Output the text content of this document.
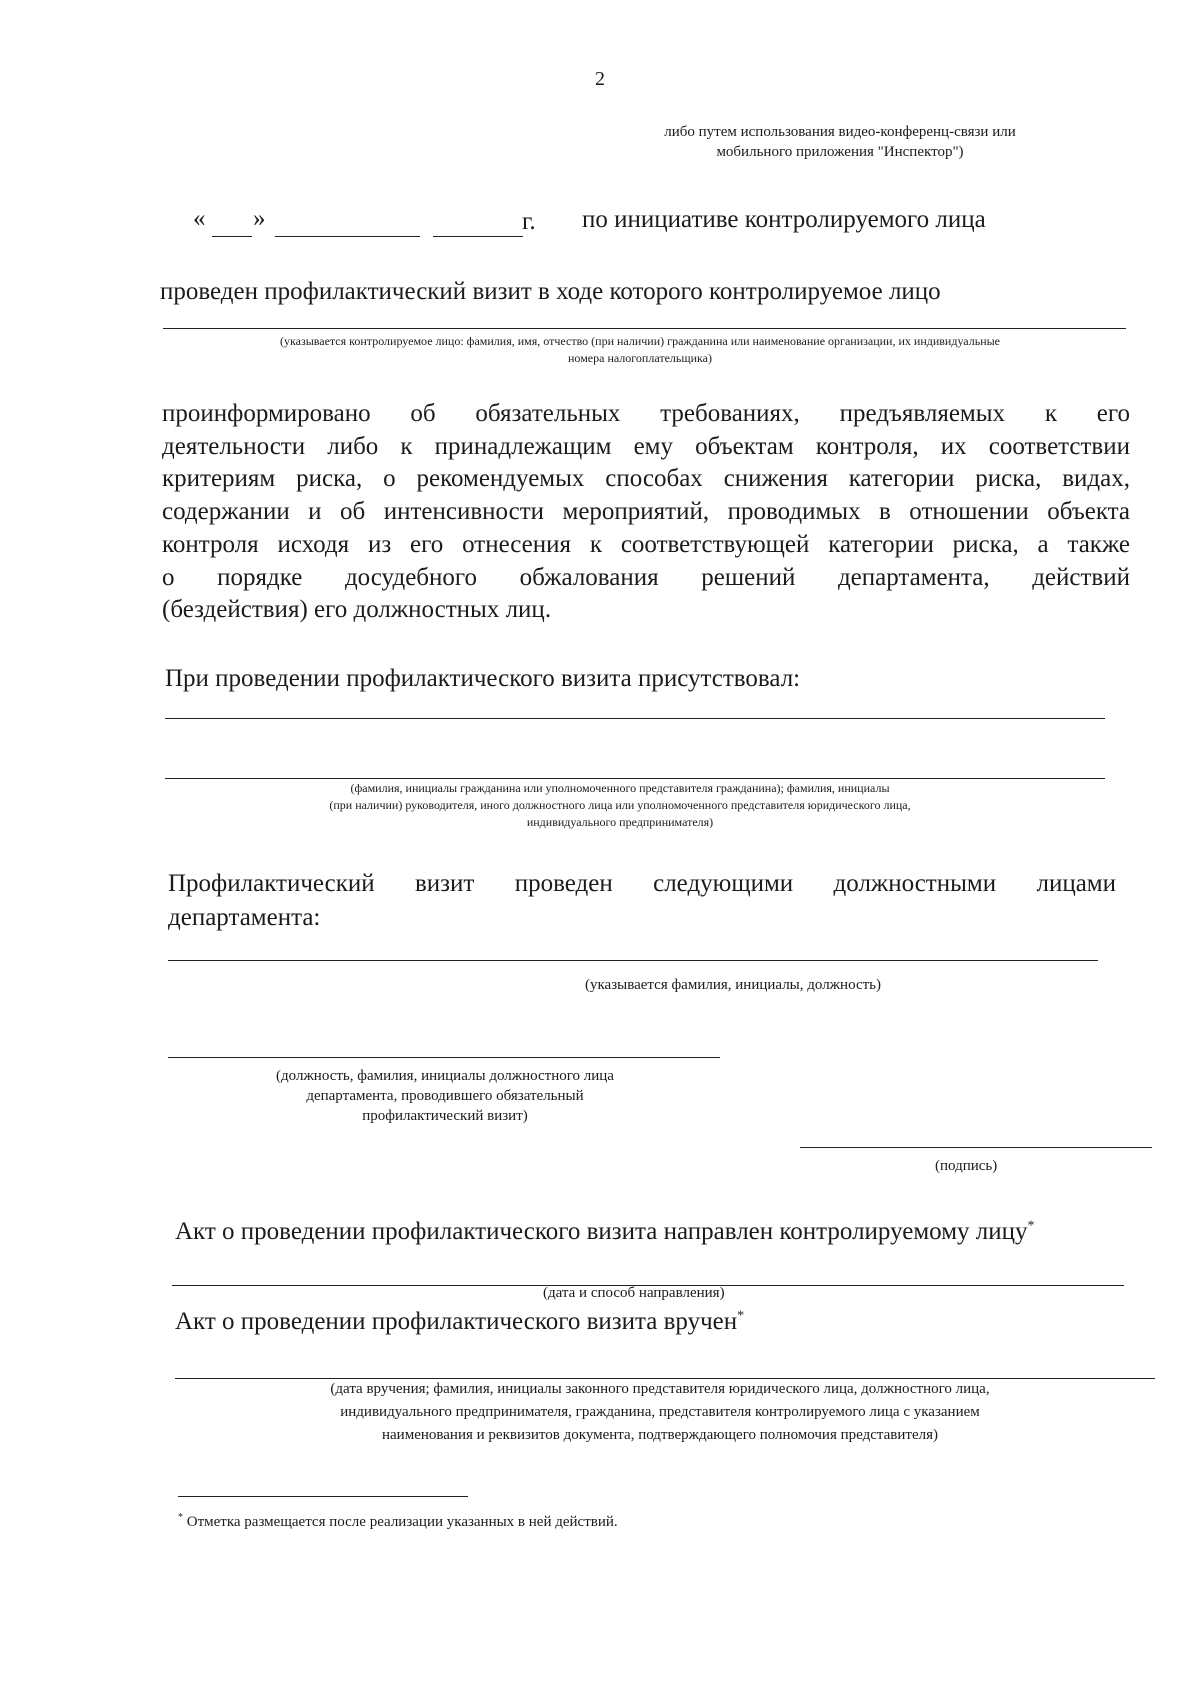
2
либо путем использования видео-конференц-связи или
мобильного приложения "Инспектор")
« »	г. по инициативе контролируемого лица
проведен профилактический визит в ходе которого контролируемое лицо
(указывается контролируемое лицо: фамилия, имя, отчество (при наличии) гражданина или наименование организации, их индивидуальные
номера налогоплательщика)
проинформировано об обязательных требованиях, предъявляемых к его
деятельности либо к принадлежащим ему объектам контроля, их соответствии
критериям риска, о рекомендуемых способах снижения категории риска, видах,
содержании и об интенсивности мероприятий, проводимых в отношении объекта
контроля исходя из его отнесения к соответствующей категории риска, а также
о порядке досудебного обжалования решений департамента, действий
(бездействия) его должностных лиц.
При проведении профилактического визита присутствовал:
(фамилия, инициалы гражданина или уполномоченного представителя гражданина); фамилия, инициалы
(при наличии) руководителя, иного должностного лица или уполномоченного представителя юридического лица,
индивидуального предпринимателя)
Профилактический визит проведен следующими должностными лицами
департамента:
(указывается фамилия, инициалы, должность)
(должность, фамилия, инициалы должностного лица
департамента, проводившего обязательный
профилактический визит)
(подпись)
Акт о проведении профилактического визита направлен контролируемому лицу*
(дата и способ направления)
Акт о проведении профилактического визита вручен*
(дата вручения; фамилия, инициалы законного представителя юридического лица, должностного лица,
индивидуального предпринимателя, гражданина, представителя контролируемого лица с указанием
наименования и реквизитов документа, подтверждающего полномочия представителя)
* Отметка размещается после реализации указанных в ней действий.
